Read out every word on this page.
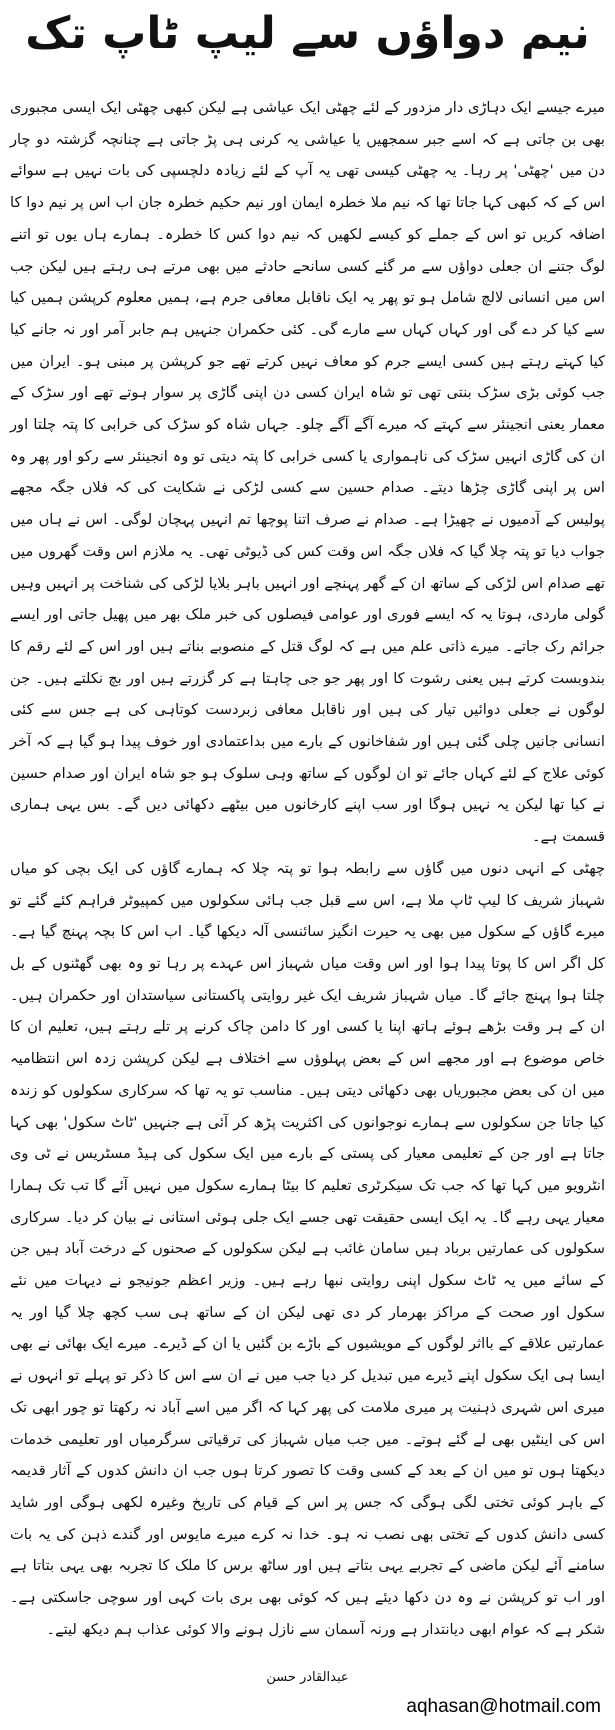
نیم دواؤں سے لیپ ٹاپ تک

میرے جیسے ایک دہاڑی دار مزدور کے لئے چھٹی ایک عیاشی ہے لیکن کبھی چھٹی ایک ایسی مجبوری بھی بن جاتی ہے کہ اسے جبر سمجھیں یا عیاشی یہ کرنی ہی پڑ جاتی ہے چنانچہ گزشتہ دو چار دن میں 'چھٹی' پر رہا۔ یہ چھٹی کیسی تھی یہ آپ کے لئے زیادہ دلچسپی کی بات نہیں ہے سوائے اس کے کہ کبھی کہا جاتا تھا کہ نیم ملا خطرہ ایمان اور نیم حکیم خطرہ جان اب اس پر نیم دوا کا اضافہ کریں تو اس کے جملے کو کیسے لکھیں کہ نیم دوا کس کا خطرہ۔ ہمارے ہاں یوں تو اتنے لوگ جتنے ان جعلی دواؤں سے مر گئے کسی سانحے حادثے میں بھی مرتے ہی رہتے ہیں لیکن جب اس میں انسانی لالچ شامل ہو تو پھر یہ ایک ناقابل معافی جرم ہے، ہمیں معلوم کرپشن ہمیں کیا سے کیا کر دے گی اور کہاں کہاں سے مارے گی۔ کئی حکمران جنہیں ہم جابر آمر اور نہ جانے کیا کیا کہتے رہتے ہیں کسی ایسے جرم کو معاف نہیں کرتے تھے جو کرپشن پر مبنی ہو۔ ایران میں جب کوئی بڑی سڑک بنتی تھی تو شاہ ایران کسی دن اپنی گاڑی پر سوار ہوتے تھے اور سڑک کے معمار یعنی انجینئر سے کہتے کہ میرے آگے آگے چلو۔ جہاں شاہ کو سڑک کی خرابی کا پتہ چلتا اور ان کی گاڑی انہیں سڑک کی ناہمواری یا کسی خرابی کا پتہ دیتی تو وہ انجینئر سے رکو اور پھر وہ اس پر اپنی گاڑی چڑھا دیتے۔ صدام حسین سے کسی لڑکی نے شکایت کی کہ فلاں جگہ مجھے پولیس کے آدمیوں نے چھیڑا ہے۔ صدام نے صرف اتنا پوچھا تم انہیں پہچان لوگی۔ اس نے ہاں میں جواب دیا تو پتہ چلا گیا کہ فلاں جگہ اس وقت کس کی ڈیوٹی تھی۔ یہ ملازم اس وقت گھروں میں تھے صدام اس لڑکی کے ساتھ ان کے گھر پہنچے اور انہیں باہر بلایا لڑکی کی شناخت پر انہیں وہیں گولی ماردی، ہوتا یہ کہ ایسے فوری اور عوامی فیصلوں کی خبر ملک بھر میں پھیل جاتی اور ایسے جرائم رک جاتے۔ میرے ذاتی علم میں ہے کہ لوگ قتل کے منصوبے بناتے ہیں اور اس کے لئے رقم کا بندوبست کرتے ہیں یعنی رشوت کا اور پھر جو جی چاہتا ہے کر گزرتے ہیں اور بچ نکلتے ہیں۔ جن لوگوں نے جعلی دوائیں تیار کی ہیں اور ناقابل معافی زبردست کوتاہی کی ہے جس سے کئی انسانی جانیں چلی گئی ہیں اور شفاخانوں کے بارے میں بداعتمادی اور خوف پیدا ہو گیا ہے کہ آخر کوئی علاج کے لئے کہاں جائے تو ان لوگوں کے ساتھ وہی سلوک ہو جو شاہ ایران اور صدام حسین نے کیا تھا لیکن یہ نہیں ہوگا اور سب اپنے کارخانوں میں بیٹھے دکھائی دیں گے۔ بس یہی ہماری قسمت ہے۔

چھٹی کے انہی دنوں میں گاؤں سے رابطہ ہوا تو پتہ چلا کہ ہمارے گاؤں کی ایک بچی کو میاں شہباز شریف کا لیپ ٹاپ ملا ہے، اس سے قبل جب ہائی سکولوں میں کمپیوٹر فراہم کئے گئے تو میرے گاؤں کے سکول میں بھی یہ حیرت انگیز سائنسی آلہ دیکھا گیا۔ اب اس کا بچہ پہنچ گیا ہے۔ کل اگر اس کا پوتا پیدا ہوا اور اس وقت میاں شہباز اس عہدے پر رہا تو وہ بھی گھٹنوں کے بل چلتا ہوا پہنچ جائے گا۔ میاں شہباز شریف ایک غیر روایتی پاکستانی سیاستدان اور حکمران ہیں۔ ان کے ہر وقت بڑھے ہوئے ہاتھ اپنا یا کسی اور کا دامن چاک کرنے پر تلے رہتے ہیں، تعلیم ان کا خاص موضوع ہے اور مجھے اس کے بعض پہلوؤں سے اختلاف ہے لیکن کرپشن زدہ اس انتظامیہ میں ان کی بعض مجبوریاں بھی دکھائی دیتی ہیں۔ مناسب تو یہ تھا کہ سرکاری سکولوں کو زندہ کیا جاتا جن سکولوں سے ہمارے نوجوانوں کی اکثریت پڑھ کر آئی ہے جنہیں 'ٹاٹ سکول' بھی کہا جاتا ہے اور جن کے تعلیمی معیار کی پستی کے بارے میں ایک سکول کی ہیڈ مسٹریس نے ٹی وی انٹرویو میں کہا تھا کہ جب تک سیکرٹری تعلیم کا بیٹا ہمارے سکول میں نہیں آئے گا تب تک ہمارا معیار یہی رہے گا۔ یہ ایک ایسی حقیقت تھی جسے ایک جلی ہوئی استانی نے بیان کر دیا۔ سرکاری سکولوں کی عمارتیں برباد ہیں سامان غائب ہے لیکن سکولوں کے صحنوں کے درخت آباد ہیں جن کے سائے میں یہ ٹاٹ سکول اپنی روایتی نبھا رہے ہیں۔ وزیر اعظم جونیجو نے دیہات میں نئے سکول اور صحت کے مراکز بھرمار کر دی تھی لیکن ان کے ساتھ ہی سب کچھ چلا گیا اور یہ عمارتیں علاقے کے بااثر لوگوں کے مویشیوں کے باڑے بن گئیں یا ان کے ڈیرے۔ میرے ایک بھائی نے بھی ایسا ہی ایک سکول اپنے ڈیرے میں تبدیل کر دیا جب میں نے ان سے اس کا ذکر تو پہلے تو انہوں نے میری اس شہری ذہنیت پر میری ملامت کی پھر کہا کہ اگر میں اسے آباد نہ رکھتا تو چور ابھی تک اس کی اینٹیں بھی لے گئے ہوتے۔ میں جب میاں شہباز کی ترقیاتی سرگرمیاں اور تعلیمی خدمات دیکھتا ہوں تو میں ان کے بعد کے کسی وقت کا تصور کرتا ہوں جب ان دانش کدوں کے آثار قدیمہ کے باہر کوئی تختی لگی ہوگی کہ جس پر اس کے قیام کی تاریخ وغیرہ لکھی ہوگی اور شاید کسی دانش کدوں کے تختی بھی نصب نہ ہو۔ خدا نہ کرے میرے مایوس اور گندے ذہن کی یہ بات سامنے آئے لیکن ماضی کے تجربے یہی بتاتے ہیں اور ساٹھ برس کا ملک کا تجربہ بھی یہی بتاتا ہے اور اب تو کرپشن نے وہ دن دکھا دیئے ہیں کہ کوئی بھی بری بات کہی اور سوچی جاسکتی ہے۔ شکر ہے کہ عوام ابھی دیانتدار ہے ورنہ آسمان سے نازل ہونے والا کوئی عذاب ہم دیکھ لیتے۔

عبدالقادر حسن
aqhasan@hotmail.com
